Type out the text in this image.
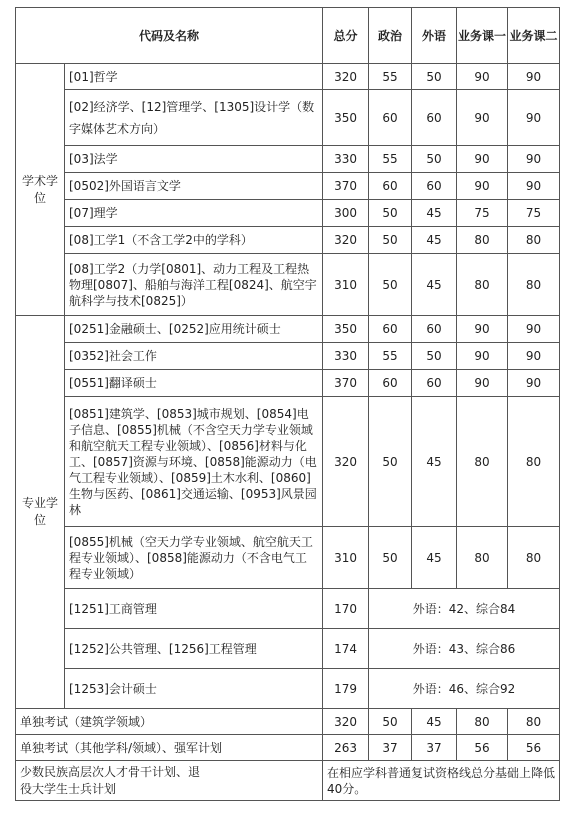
代码及名称		总分	政治	外语	业务课一	业务课二
学术学位	[01]哲学	320	55	50	90	90
	[02]经济学、[12]管理学、[1305]设计学（数字媒体艺术方向）	350	60	60	90	90
	[03]法学	330	55	50	90	90
	[0502]外国语言文学	370	60	60	90	90
	[07]理学	300	50	45	75	75
	[08]工学1（不含工学2中的学科）	320	50	45	80	80
	[08]工学2（力学[0801]、动力工程及工程热物理[0807]、船舶与海洋工程[0824]、航空宇航科学与技术[0825]）	310	50	45	80	80
专业学位	[0251]金融硕士、[0252]应用统计硕士	350	60	60	90	90
	[0352]社会工作	330	55	50	90	90
	[0551]翻译硕士	370	60	60	90	90
	[0851]建筑学、[0853]城市规划、[0854]电子信息、[0855]机械（不含空天力学专业领域和航空航天工程专业领域）、[0856]材料与化工、[0857]资源与环境、[0858]能源动力（电气工程专业领域）、[0859]土木水利、[0860]生物与医药、[0861]交通运输、[0953]风景园林	320	50	45	80	80
	[0855]机械（空天力学专业领域、航空航天工程专业领域）、[0858]能源动力（不含电气工程专业领域）	310	50	45	80	80
	[1251]工商管理	170	外语：42、综合84			
	[1252]公共管理、[1256]工程管理	174	外语：43、综合86			
	[1253]会计硕士	179	外语：46、综合92			
单独考试（建筑学领域）		320	50	45	80	80
单独考试（其他学科/领域）、强军计划		263	37	37	56	56

少数民族高层次人才骨干计划、退役大学生士兵计划		在相应学科普通复试资格线总分基础上降低40分。				
